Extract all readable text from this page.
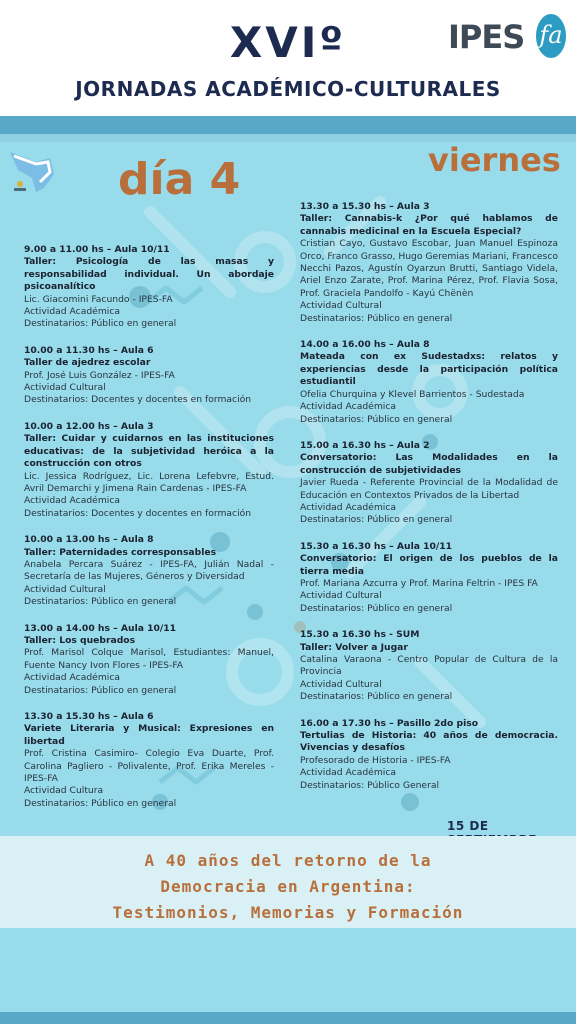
XVIº
JORNADAS ACADÉMICO-CULTURALES
IPES fa
día 4	viernes
9.00 a 11.00 hs – Aula 10/11
Taller: Psicología de las masas y responsabilidad individual. Un abordaje psicoanalítico
Lic. Giacomini Facundo - IPES-FA
Actividad Académica
Destinatarios: Público en general
10.00 a 11.30 hs – Aula 6
Taller de ajedrez escolar
Prof. José Luis González - IPES-FA
Actividad Cultural
Destinatarios: Docentes y docentes en formación
10.00 a 12.00 hs – Aula 3
Taller: Cuidar y cuidarnos en las instituciones educativas: de la subjetividad heróica a la construcción con otros
Lic. Jessica Rodríguez, Lic. Lorena Lefebvre, Estud. Avril Demarchi y Jimena Rain Cardenas - IPES-FA
Actividad Académica
Destinatarios: Docentes y docentes en formación
10.00 a 13.00 hs – Aula 8
Taller: Paternidades corresponsables
Anabela Percara Suárez - IPES-FA, Julián Nadal - Secretaría de las Mujeres, Géneros y Diversidad
Actividad Cultural
Destinatarios: Público en general
13.00 a 14.00 hs – Aula 10/11
Taller: Los quebrados
Prof. Marisol Colque Marisol, Estudiantes: Manuel, Fuente Nancy Ivon Flores - IPES-FA
Actividad Académica
Destinatarios: Público en general
13.30 a 15.30 hs – Aula 6
Variete Literaria y Musical: Expresiones en libertad
Prof. Cristina Casimiro- Colegio Eva Duarte, Prof. Carolina Pagliero - Polivalente, Prof. Erika Mereles - IPES-FA
Actividad Cultura
Destinatarios: Público en general
13.30 a 15.30 hs – Aula 3
Taller: Cannabis-k ¿Por qué hablamos de cannabis medicinal en la Escuela Especial?
Cristian Cayo, Gustavo Escobar, Juan Manuel Espinoza Orco, Franco Grasso, Hugo Geremias Mariani, Francesco Necchi Pazos, Agustín Oyarzun Brutti, Santiago Videla, Ariel Enzo Zarate, Prof. Marina Pérez, Prof. Flavia Sosa, Prof. Graciela Pandolfo - Kayú Chënèn
Actividad Cultural
Destinatarios: Público en general
14.00 a 16.00 hs – Aula 8
Mateada con ex Sudestadxs: relatos y experiencias desde la participación política estudiantil
Ofelia Churquina y Klevel Barrientos - Sudestada
Actividad Académica
Destinatarios: Público en general
15.00 a 16.30 hs – Aula 2
Conversatorio: Las Modalidades en la construcción de subjetividades
Javier Rueda - Referente Provincial de la Modalidad de Educación en Contextos Privados de la Libertad
Actividad Académica
Destinatarios: Público en general
15.30 a 16.30 hs – Aula 10/11
Conversatorio: El origen de los pueblos de la tierra media
Prof. Mariana Azcurra y Prof. Marina Feltrin - IPES FA
Actividad Cultural
Destinatarios: Público en general
15.30 a 16.30 hs - SUM
Taller: Volver a Jugar
Catalina Varaona - Centro Popular de Cultura de la Provincia
Actividad Cultural
Destinatarios: Público en general
16.00 a 17.30 hs – Pasillo 2do piso
Tertulias de Historia: 40 años de democracia. Vivencias y desafíos
Profesorado de Historia - IPES-FA
Actividad Académica
Destinatarios: Público General
15 DE
A 40 años del retorno de la
Democracia en Argentina:
Testimonios, Memorias y Formación
